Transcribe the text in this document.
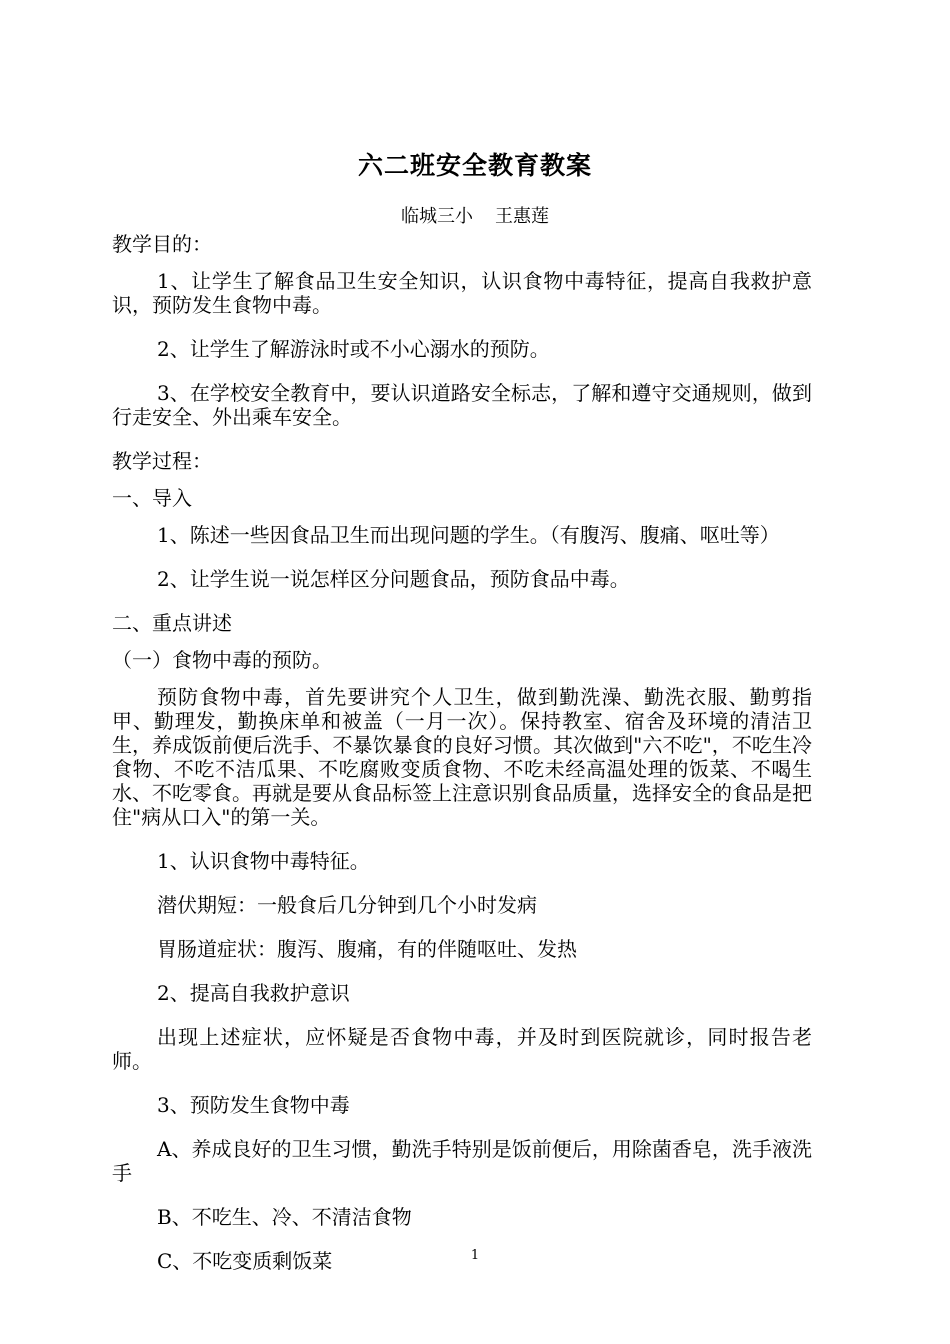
六二班安全教育教案
临城三小 王惠莲

教学目的：

1、让学生了解食品卫生安全知识，认识食物中毒特征，提高自我救护意识，预防发生食物中毒。

2、让学生了解游泳时或不小心溺水的预防。

3、在学校安全教育中，要认识道路安全标志，了解和遵守交通规则，做到行走安全、外出乘车安全。

教学过程：

一、导入

1、陈述一些因食品卫生而出现问题的学生。（有腹泻、腹痛、呕吐等）

2、让学生说一说怎样区分问题食品，预防食品中毒。

二、重点讲述

（一）食物中毒的预防。

预防食物中毒，首先要讲究个人卫生，做到勤洗澡、勤洗衣服、勤剪指甲、勤理发，勤换床单和被盖（一月一次）。保持教室、宿舍及环境的清洁卫生，养成饭前便后洗手、不暴饮暴食的良好习惯。其次做到"六不吃"，不吃生冷食物、不吃不洁瓜果、不吃腐败变质食物、不吃未经高温处理的饭菜、不喝生水、不吃零食。再就是要从食品标签上注意识别食品质量，选择安全的食品是把住"病从口入"的第一关。

1、认识食物中毒特征。

潜伏期短：一般食后几分钟到几个小时发病

胃肠道症状：腹泻、腹痛，有的伴随呕吐、发热

2、提高自我救护意识

出现上述症状，应怀疑是否食物中毒，并及时到医院就诊，同时报告老师。

3、预防发生食物中毒

A、养成良好的卫生习惯，勤洗手特别是饭前便后，用除菌香皂，洗手液洗手

B、不吃生、冷、不清洁食物

C、不吃变质剩饭菜	1
